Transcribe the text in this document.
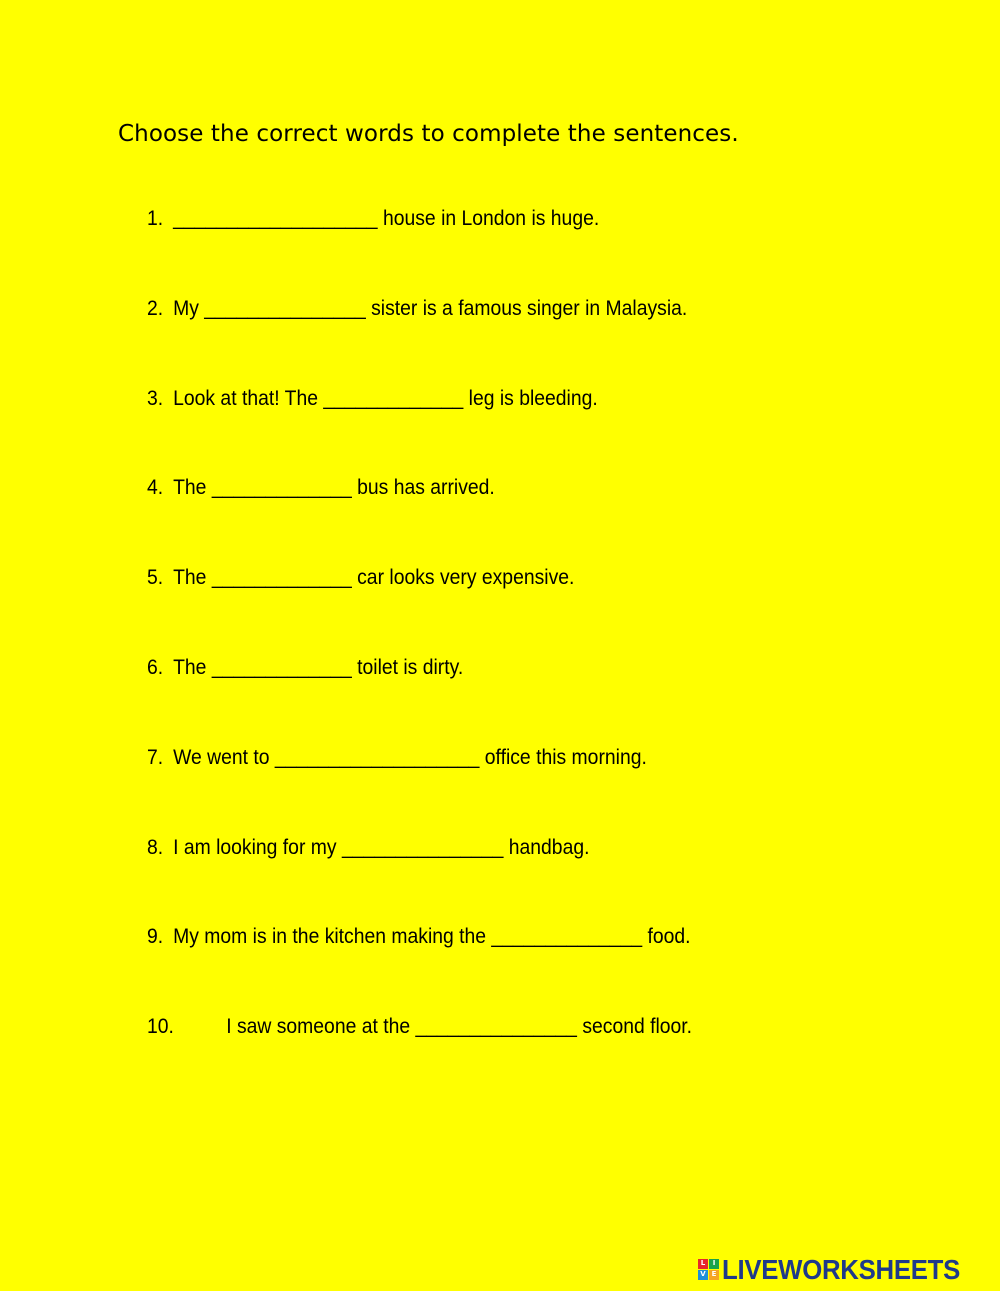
Choose the correct words to complete the sentences.
1. ___________________ house in London is huge.
2. My _______________ sister is a famous singer in Malaysia.
3. Look at that! The _____________ leg is bleeding.
4. The _____________ bus has arrived.
5. The _____________ car looks very expensive.
6. The _____________ toilet is dirty.
7. We went to ___________________ office this morning.
8. I am looking for my _______________ handbag.
9. My mom is in the kitchen making the ______________ food.
10. I saw someone at the _______________ second floor.
L	I
V E LIVEWORKSHEETS
